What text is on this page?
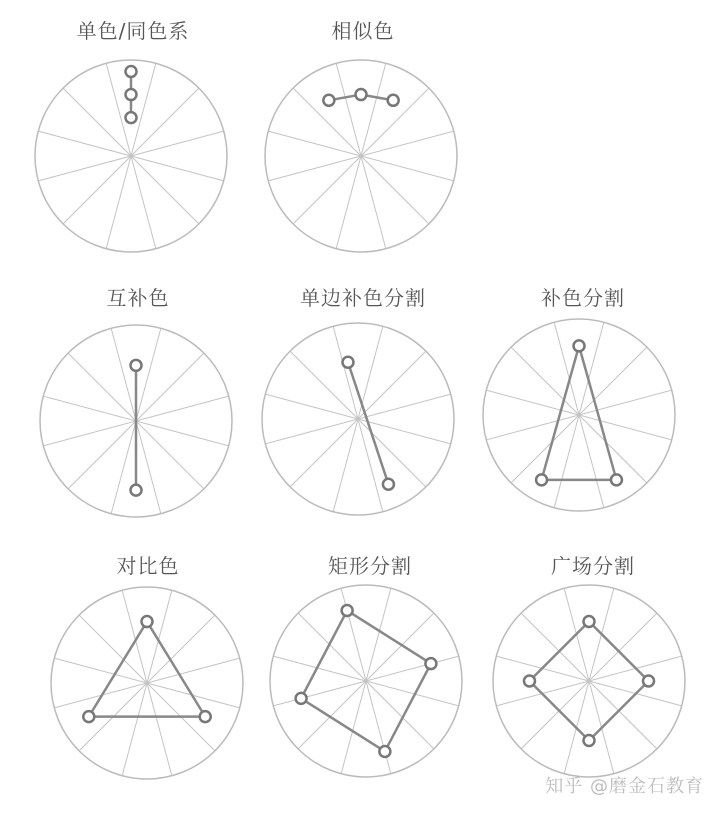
单色/同色系	相似色
互补色	单边补色分割	补色分割
对比色	矩形分割	广场分割
知乎 @磨金石教育
